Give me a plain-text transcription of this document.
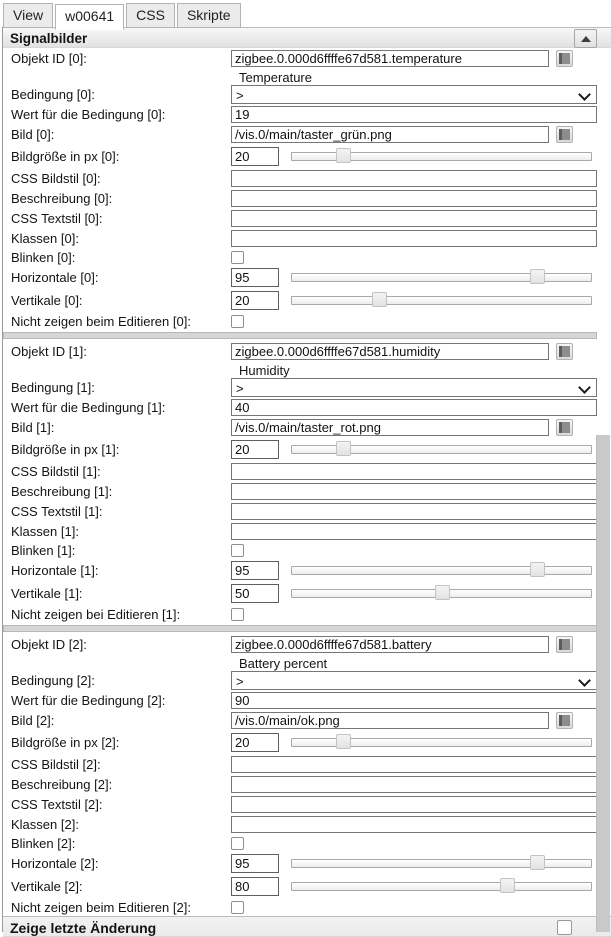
View w00641 CSS Skripte
Signalbilder
Objekt ID [0]:
zigbee.0.000d6ffffe67d581.temperature
Temperature
Bedingung [0]:	>
Wert für die Bedingung [0]:
19
Bild [0]:
/vis.0/main/taster_grün.png
Bildgröße in px [0]:
20
CSS Bildstil [0]:
Beschreibung [0]:
CSS Textstil [0]:
Klassen [0]:
Blinken [0]:
Horizontale [0]:
95
Vertikale [0]:
20
Nicht zeigen beim Editieren [0]:
Objekt ID [1]:
zigbee.0.000d6ffffe67d581.humidity
Humidity
Bedingung [1]:	>
Wert für die Bedingung [1]:
40
Bild [1]:
/vis.0/main/taster_rot.png
Bildgröße in px [1]:
20
CSS Bildstil [1]:
Beschreibung [1]:
CSS Textstil [1]:
Klassen [1]:
Blinken [1]:
Horizontale [1]:
95
Vertikale [1]:
50
Nicht zeigen bei Editieren [1]:
Objekt ID [2]:
zigbee.0.000d6ffffe67d581.battery
Battery percent
Bedingung [2]:	>
Wert für die Bedingung [2]:
90
Bild [2]:
/vis.0/main/ok.png
Bildgröße in px [2]:
20
CSS Bildstil [2]:
Beschreibung [2]:
CSS Textstil [2]:
Klassen [2]:
Blinken [2]:
Horizontale [2]:
95
Vertikale [2]:
80
Nicht zeigen beim Editieren [2]:
Zeige letzte Änderung
